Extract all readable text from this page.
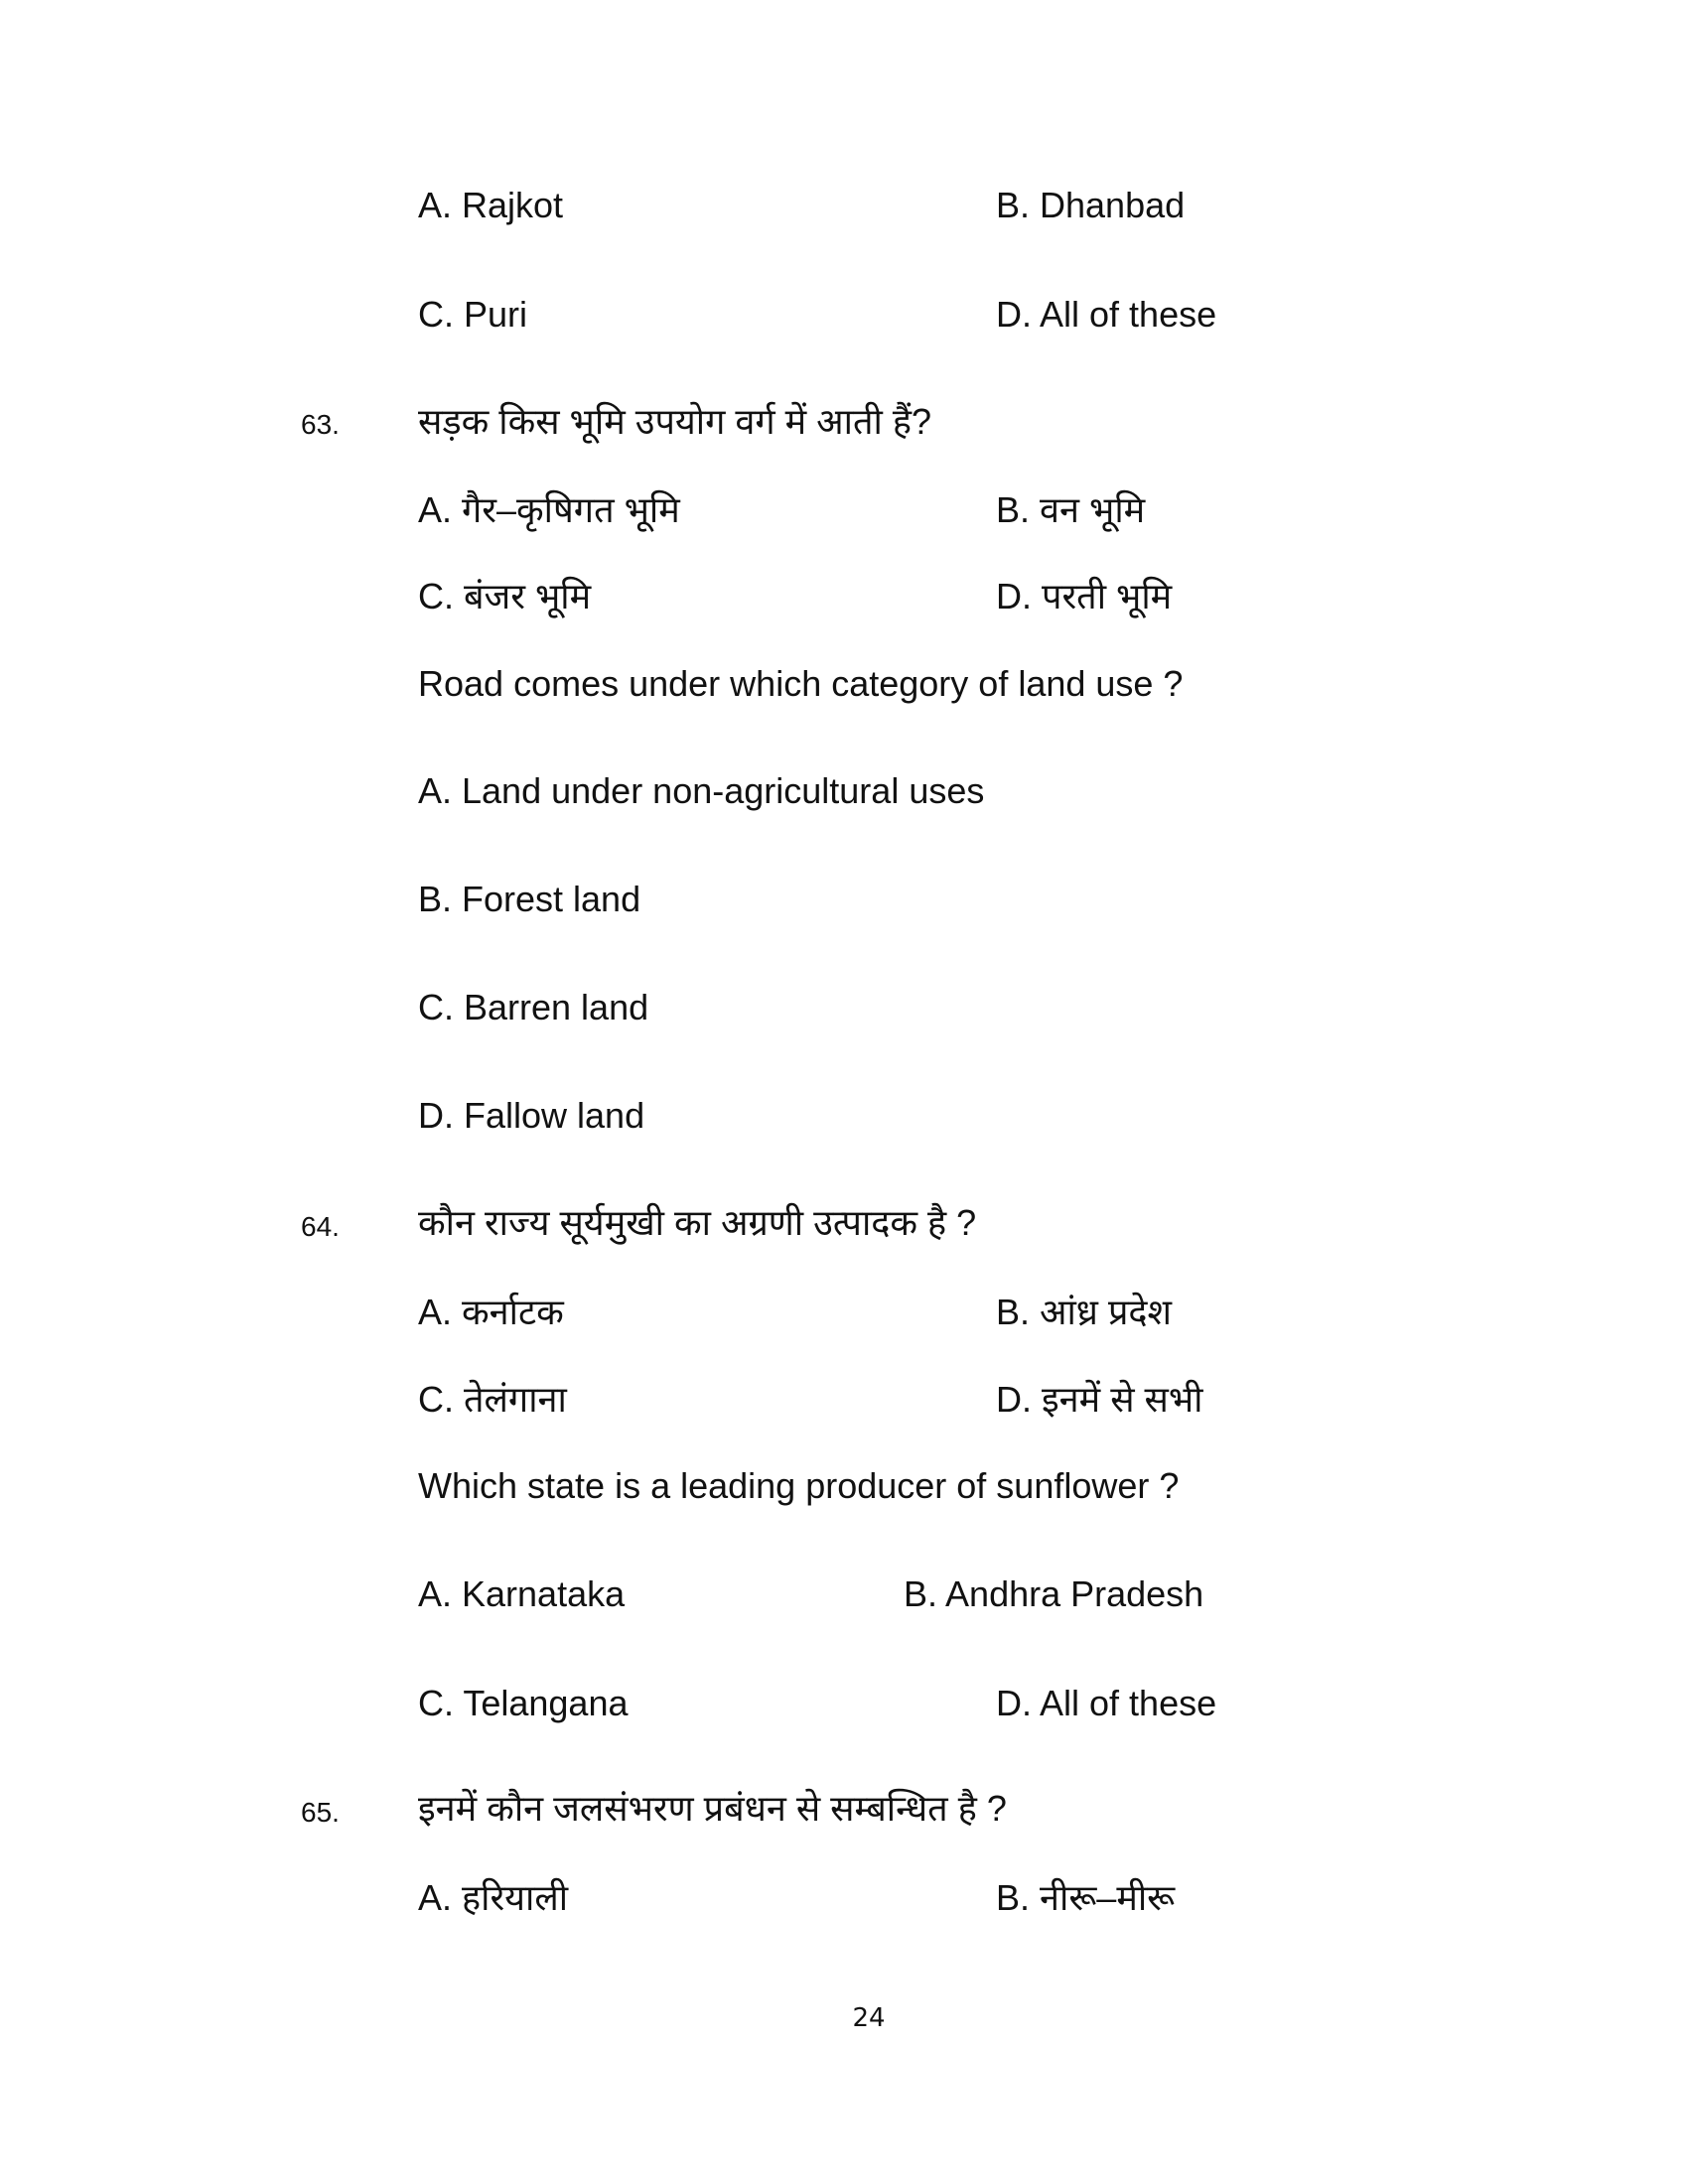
A. Rajkot	B. Dhanbad
C. Puri	D. All of these
63. सड़क किस भूमि उपयोग वर्ग में आती हैं?
A. गैर–कृषिगत भूमि	B. वन भूमि
C. बंजर भूमि	D. परती भूमि
Road comes under which category of land use ?
A. Land under non-agricultural uses
B. Forest land
C. Barren land
D. Fallow land
64. कौन राज्य सूर्यमुखी का अग्रणी उत्पादक है ?
A. कर्नाटक	B. आंध्र प्रदेश
C. तेलंगाना	D. इनमें से सभी
Which state is a leading producer of sunflower ?
A. Karnataka	B. Andhra Pradesh
C. Telangana	D. All of these
65. इनमें कौन जलसंभरण प्रबंधन से सम्बन्धित है ?
A. हरियाली	B. नीरू–मीरू
24
